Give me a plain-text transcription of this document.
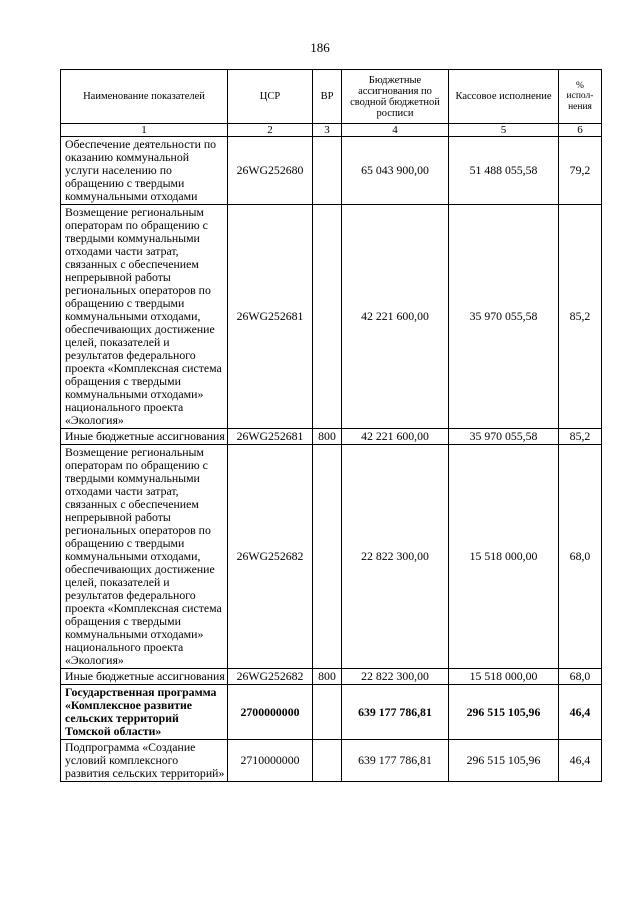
186
Наименование показателей	ЦСР	ВР	Бюджетные ассигнования по сводной бюджетной росписи	Кассовое исполнение	% испол-нения
1	2	3	4	5	6
Обеспечение деятельности по оказанию коммунальной услуги населению по обращению с твердыми коммунальными отходами	26WG252680		65 043 900,00	51 488 055,58	79,2
Возмещение региональным операторам по обращению с твердыми коммунальными отходами части затрат, связанных с обеспечением непрерывной работы региональных операторов по обращению с твердыми коммунальными отходами, обеспечивающих достижение целей, показателей и результатов федерального проекта «Комплексная система обращения с твердыми коммунальными отходами» национального проекта «Экология»	26WG252681		42 221 600,00	35 970 055,58	85,2
Иные бюджетные ассигнования	26WG252681	800	42 221 600,00	35 970 055,58	85,2
Возмещение региональным операторам по обращению с твердыми коммунальными отходами части затрат, связанных с обеспечением непрерывной работы региональных операторов по обращению с твердыми коммунальными отходами, обеспечивающих достижение целей, показателей и результатов федерального проекта «Комплексная система обращения с твердыми коммунальными отходами» национального проекта «Экология»	26WG252682		22 822 300,00	15 518 000,00	68,0
Иные бюджетные ассигнования	26WG252682	800	22 822 300,00	15 518 000,00	68,0
Государственная программа «Комплексное развитие сельских территорий Томской области»	2700000000		639 177 786,81	296 515 105,96	46,4
Подпрограмма «Создание условий комплексного развития сельских территорий»	2710000000		639 177 786,81	296 515 105,96	46,4
